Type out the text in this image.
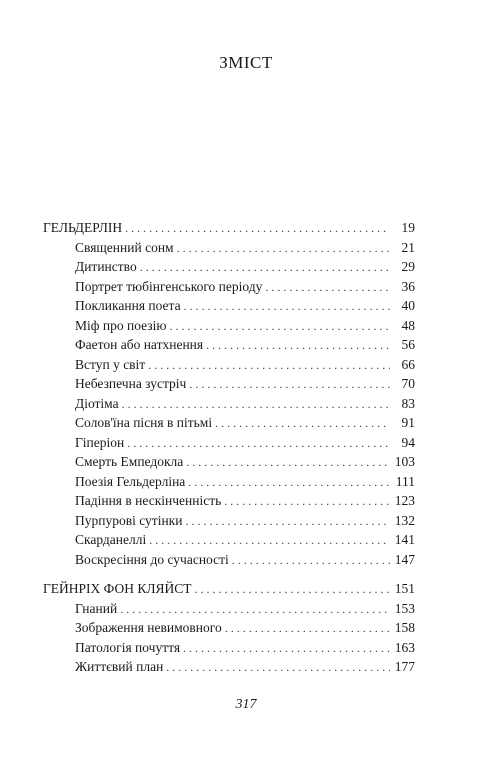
ЗМІСТ
ГЕЛЬДЕРЛІН . . .	19
Священний сонм . . .	21
Дитинство . . .	29
Портрет тюбінгенського періоду . . .	36
Покликання поета . . .	40
Міф про поезію . . .	48
Фаетон або натхнення . . .	56
Вступ у світ . . .	66
Небезпечна зустріч . . .	70
Діотіма . . .	83
Солов'їна пісня в пітьмі . . .	91
Гіперіон . . .	94
Смерть Емпедокла . . .	103
Поезія Гельдерліна . . .	111
Падіння в нескінченність . . .	123
Пурпурові сутінки . . .	132
Скарданеллі . . .	141
Воскресіння до сучасності . . .	147
ГЕЙНРІХ ФОН КЛЯЙСТ . . .	151
Гнаний . . .	153
Зображення невимовного . . .	158
Патологія почуття . . .	163
Життєвий план . . .	177
317
